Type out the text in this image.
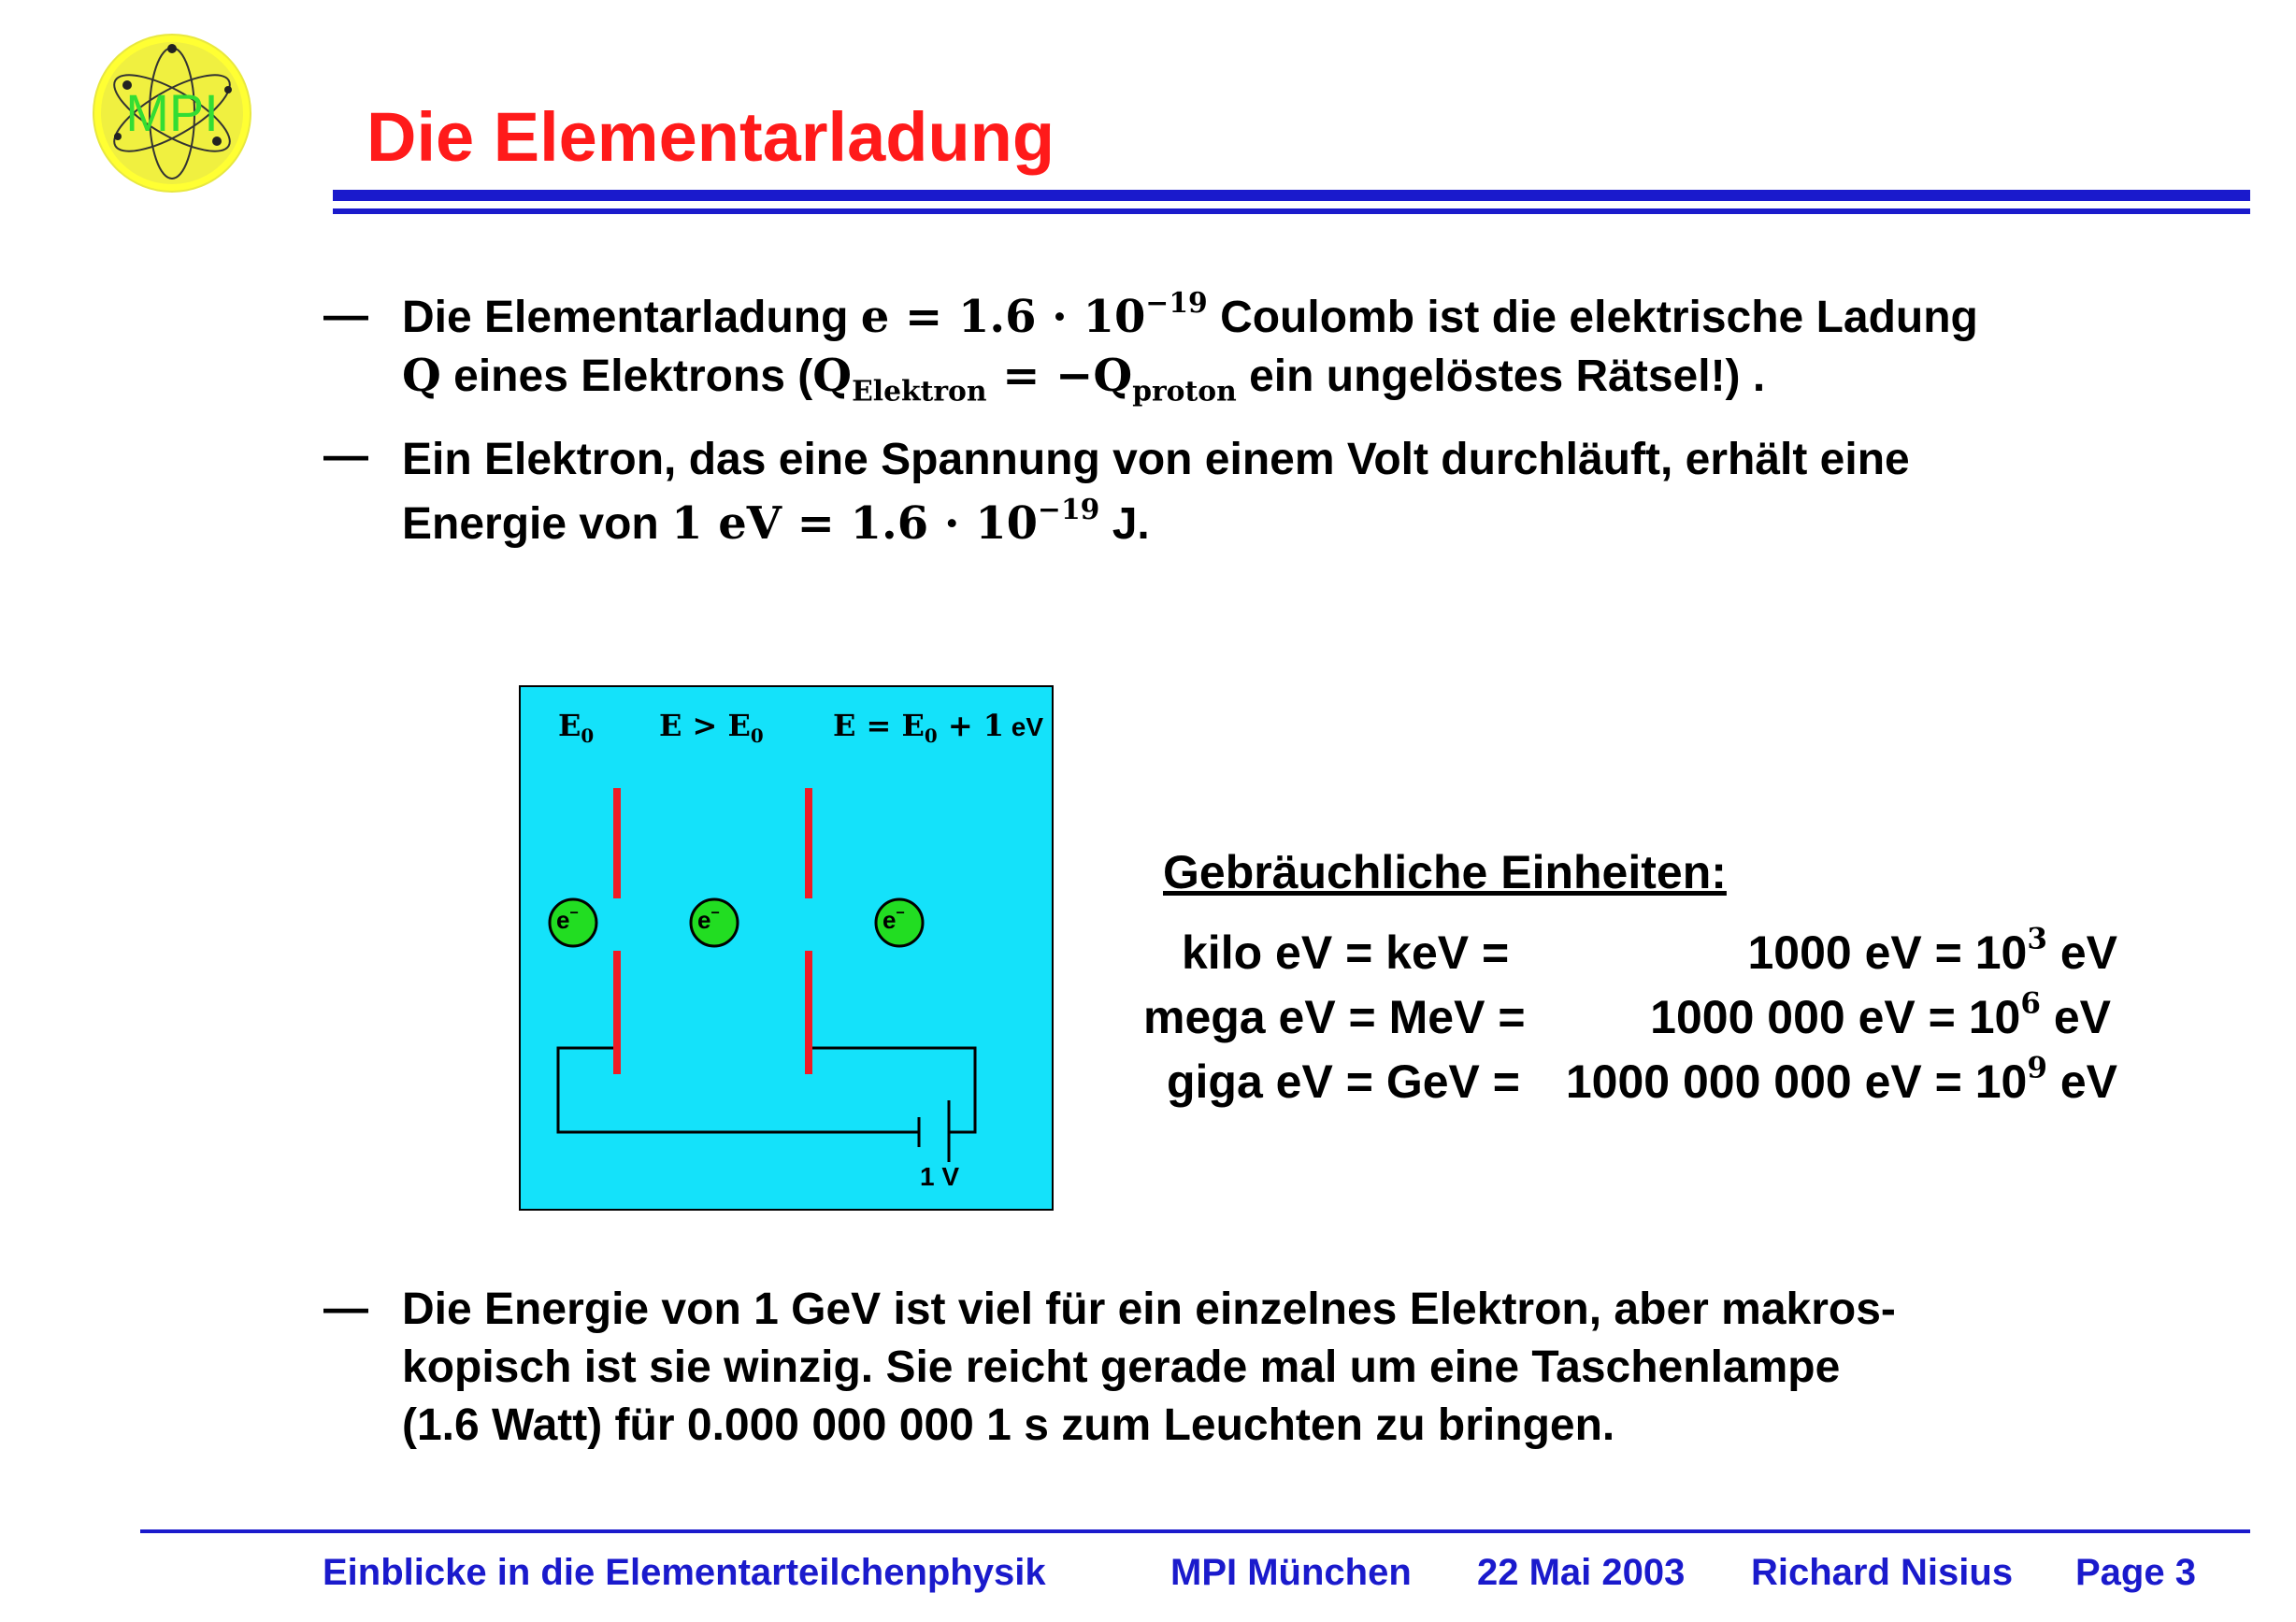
MPI Die Elementarladung
— Die Elementarladung $e = 1.6 \cdot 10^{-19}$ Coulomb ist die elektrische Ladung
Q eines Elektrons ($Q_{Elektron} = -Q_{proton}$ ein ungelöstes Rätsel!) .
— Ein Elektron, das eine Spannung von einem Volt durchläuft, erhält eine
Energie von 1 eV = $1.6 \cdot 10^{-19}$ J.
e−	e−	e−
$E_0$ $E > E_0$ $E = E_0 + 1$ eV
1 V
Gebräuchliche Einheiten:
kilo eV = keV =	1000 eV = $10^3$ eV
mega eV = MeV =	1000 000 eV = $10^6$ eV
giga eV = GeV = 1000 000 000 eV = $10^9$ eV
— Die Energie von 1 GeV ist viel für ein einzelnes Elektron, aber makros-
kopisch ist sie winzig. Sie reicht gerade mal um eine Taschenlampe
(1.6 Watt) für 0.000 000 000 1 s zum Leuchten zu bringen.
Einblicke in die Elementarteilchenphysik	MPI München 22 Mai 2003 Richard Nisius Page 3
